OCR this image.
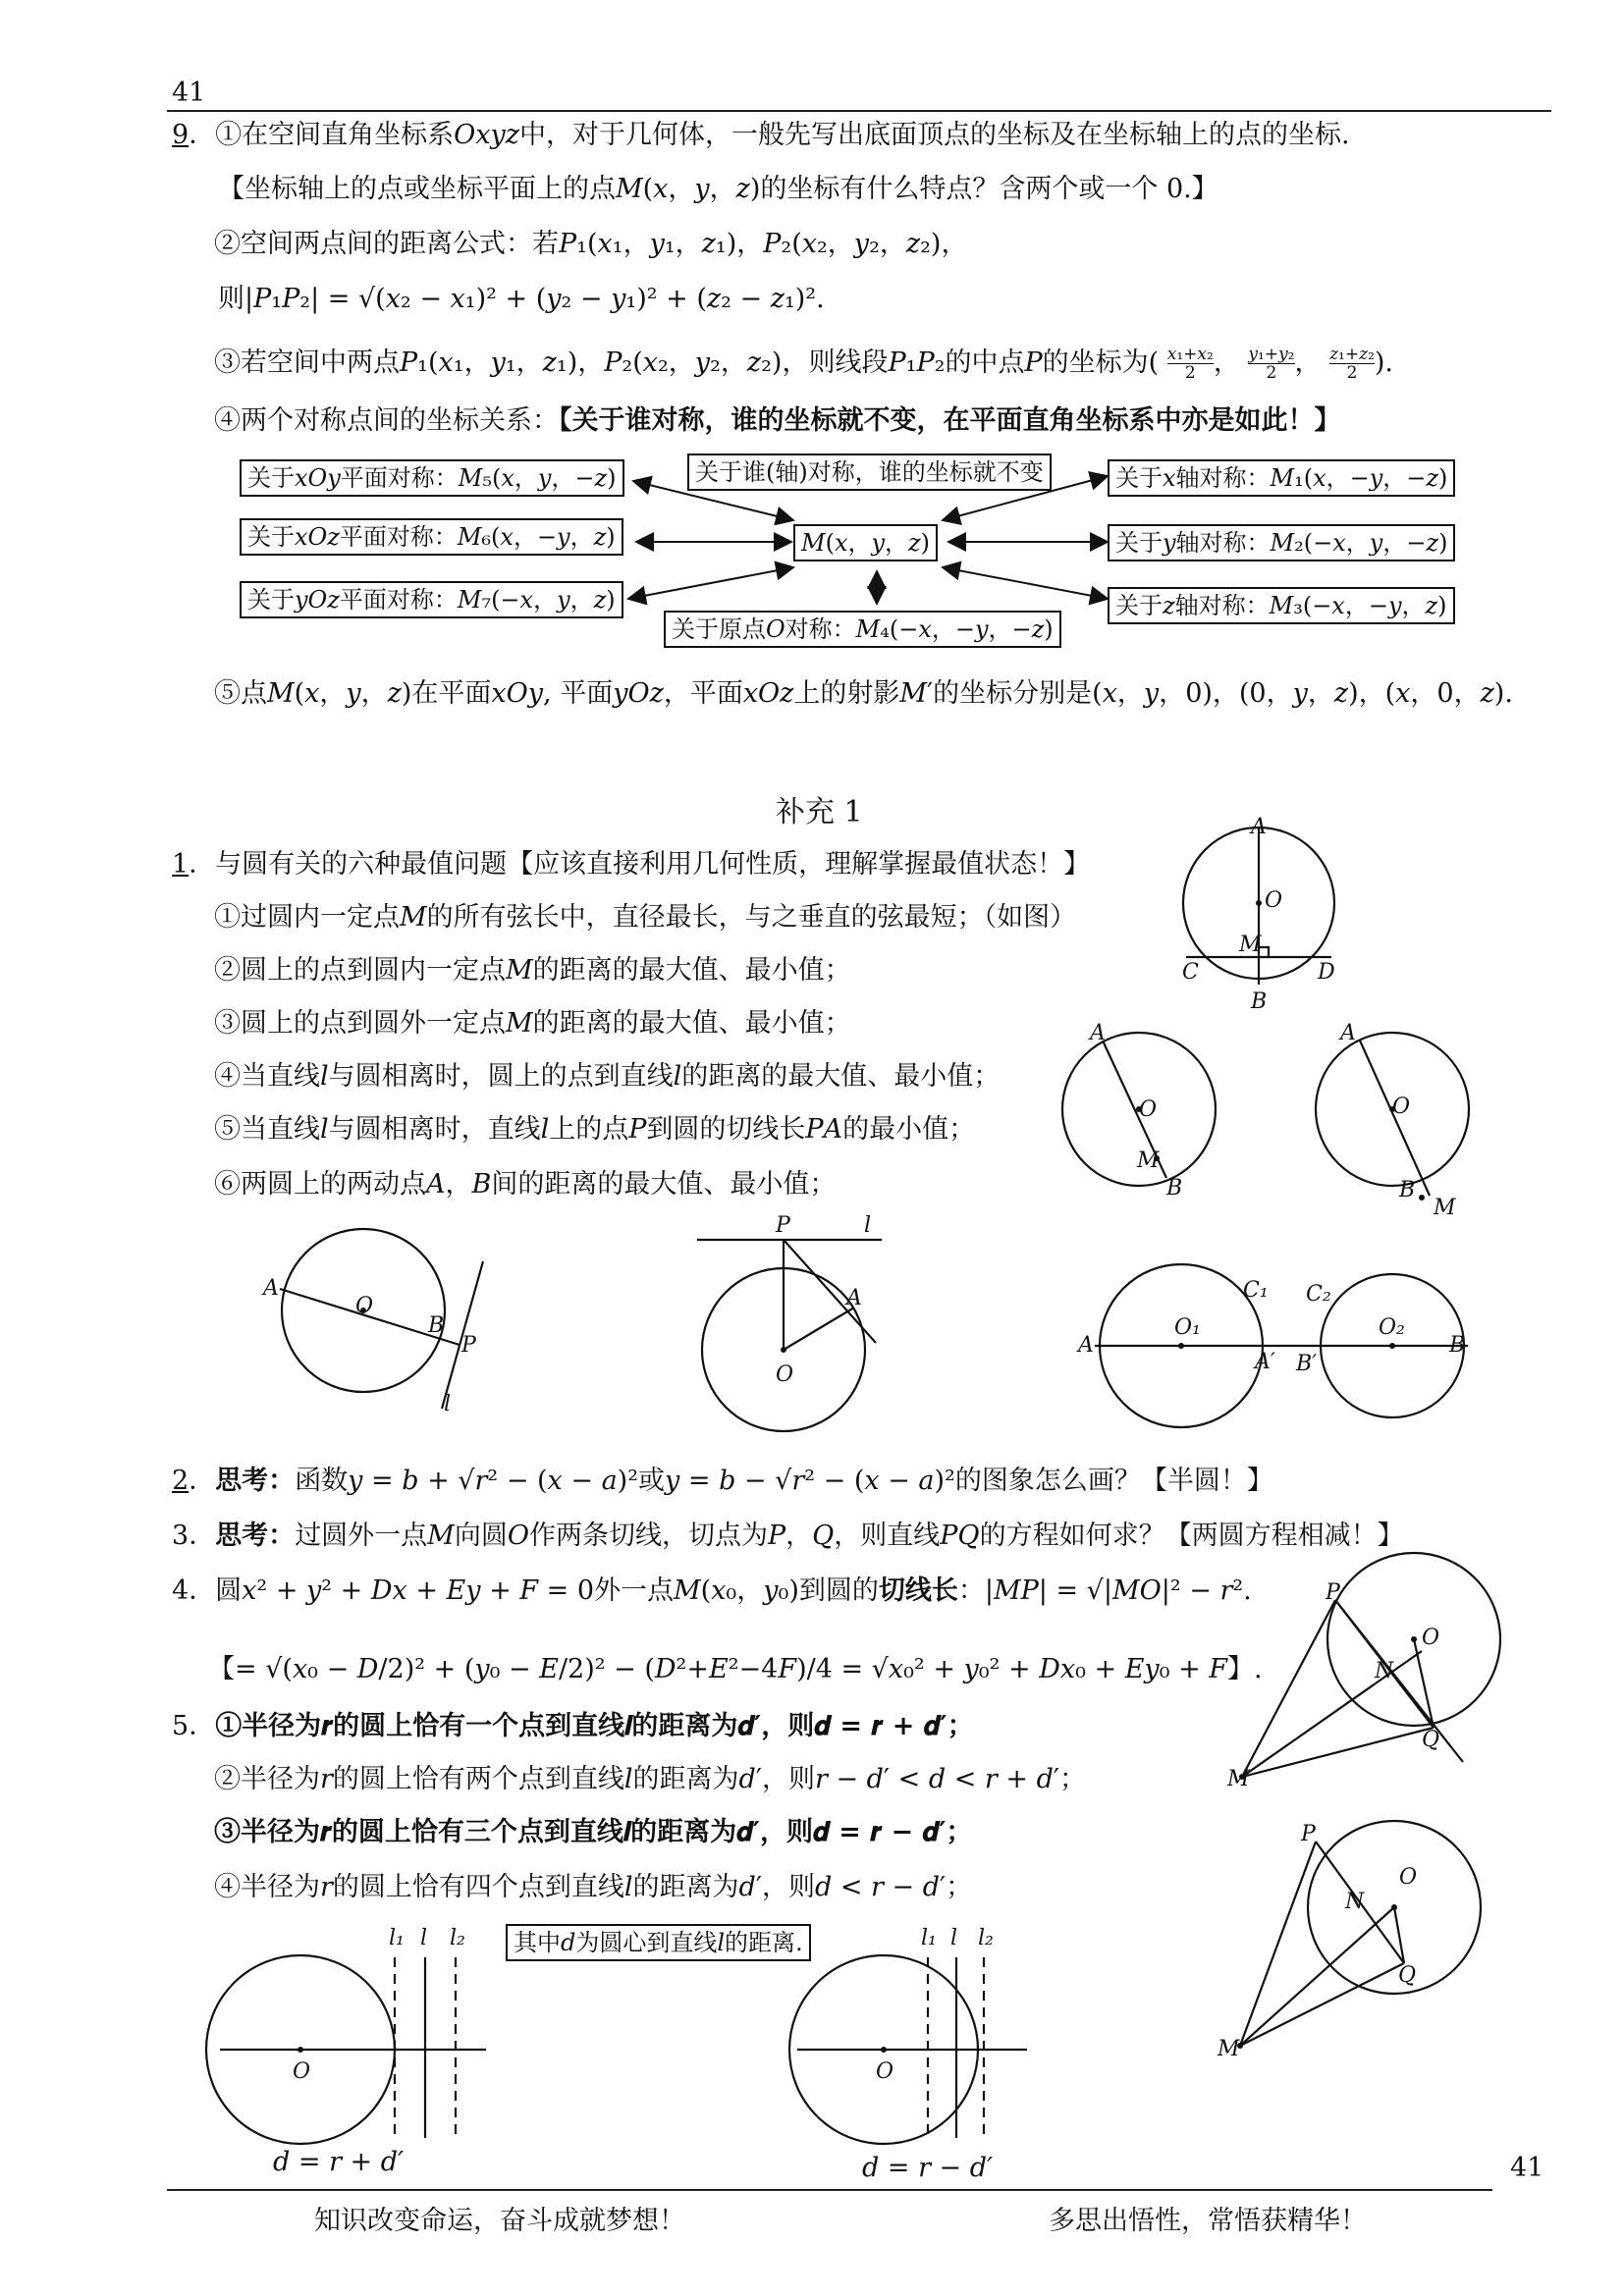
41
9．①在空间直角坐标系𝑂𝑥𝑦𝑧中，对于几何体，一般先写出底面顶点的坐标及在坐标轴上的点的坐标.
【坐标轴上的点或坐标平面上的点𝑀(𝑥，𝑦，𝑧)的坐标有什么特点？含两个或一个 0.】
②空间两点间的距离公式：若𝑃₁(𝑥₁，𝑦₁，𝑧₁)，𝑃₂(𝑥₂，𝑦₂，𝑧₂)，
则|𝑃₁𝑃₂| = √(𝑥₂ − 𝑥₁)² + (𝑦₂ − 𝑦₁)² + (𝑧₂ − 𝑧₁)².
③若空间中两点𝑃₁(𝑥₁，𝑦₁，𝑧₁)，𝑃₂(𝑥₂，𝑦₂，𝑧₂)，则线段𝑃₁𝑃₂的中点𝑃的坐标为( 𝑥₁+𝑥₂
2 ， 𝑦₁+𝑦₂
2 ， 𝑧₁+𝑧₂
2 ).
④两个对称点间的坐标关系：【关于谁对称，谁的坐标就不变，在平面直角坐标系中亦是如此！】
关于𝑥𝑂𝑦平面对称：𝑀₅(𝑥，𝑦，−𝑧)
关于𝑥𝑂𝑧平面对称：𝑀₆(𝑥，−𝑦，𝑧)
关于𝑦𝑂𝑧平面对称：𝑀₇(−𝑥，𝑦，𝑧)
关于谁(轴)对称，谁的坐标就不变
𝑀(𝑥，𝑦，𝑧)
关于原点𝑂对称：𝑀₄(−𝑥，−𝑦，−𝑧)
关于𝑥轴对称：𝑀₁(𝑥，−𝑦，−𝑧)
关于𝑦轴对称：𝑀₂(−𝑥，𝑦，−𝑧)
关于𝑧轴对称：𝑀₃(−𝑥，−𝑦，𝑧)
⑤点𝑀(𝑥，𝑦，𝑧)在平面𝑥𝑂𝑦, 平面𝑦𝑂𝑧，平面𝑥𝑂𝑧上的射影𝑀′的坐标分别是(𝑥，𝑦，0)，(0，𝑦，𝑧)，(𝑥，0，𝑧).
补充 1
1．与圆有关的六种最值问题【应该直接利用几何性质，理解掌握最值状态！】
①过圆内一定点𝑀的所有弦长中，直径最长，与之垂直的弦最短；（如图）
②圆上的点到圆内一定点𝑀的距离的最大值、最小值；
③圆上的点到圆外一定点𝑀的距离的最大值、最小值；
④当直线𝑙与圆相离时，圆上的点到直线𝑙的距离的最大值、最小值；
⑤当直线𝑙与圆相离时，直线𝑙上的点𝑃到圆的切线长𝑃𝐴的最小值；
⑥两圆上的两动点𝐴，𝐵间的距离的最大值、最小值；
𝐴
𝑂
𝑀
𝐶	𝐷
𝐵
𝐴
𝑂
𝑀
𝐵
𝐴
𝑂
𝐵
𝑀
𝐴
𝑂
𝐵
𝑃
𝑙
𝑃	𝑙
𝐴
𝑂
𝐶₁ 𝐶₂
𝑂₁	𝑂₂
𝐴
𝐴′ 𝐵′
𝐵
2．思考：函数𝑦 = 𝑏 + √𝑟² − (𝑥 − 𝑎)²或𝑦 = 𝑏 − √𝑟² − (𝑥 − 𝑎)²的图象怎么画？【半圆！】
3．思考：过圆外一点𝑀向圆𝑂作两条切线，切点为𝑃，𝑄，则直线𝑃𝑄的方程如何求？【两圆方程相减！】
4．圆𝑥² + 𝑦² + 𝐷𝑥 + 𝐸𝑦 + 𝐹 = 0外一点𝑀(𝑥₀，𝑦₀)到圆的切线长：|𝑀𝑃| = √|𝑀𝑂|² − 𝑟².
【= √(𝑥₀ − 𝐷/2)² + (𝑦₀ − 𝐸/2)² − (𝐷²+𝐸²−4𝐹)/4 = √𝑥₀² + 𝑦₀² + 𝐷𝑥₀ + 𝐸𝑦₀ + 𝐹】.
5．①半径为𝒓的圆上恰有一个点到直线𝒍的距离为𝒅′，则𝒅 = 𝒓 + 𝒅′；
②半径为𝑟的圆上恰有两个点到直线𝑙的距离为𝑑′，则𝑟 − 𝑑′ < 𝑑 < 𝑟 + 𝑑′；
③半径为𝒓的圆上恰有三个点到直线𝒍的距离为𝒅′，则𝒅 = 𝒓 − 𝒅′；
④半径为𝑟的圆上恰有四个点到直线𝑙的距离为𝑑′，则𝑑 < 𝑟 − 𝑑′；
其中𝑑为圆心到直线𝑙的距离.
𝑃
𝑂
𝑁
𝑄
𝑀
𝑃
𝑂
𝑁
𝑄
𝑀
𝑙₁ 𝑙 𝑙₂
𝑂
𝑑 = 𝑟 + 𝑑′
𝑙₁ 𝑙 𝑙₂
𝑂
𝑑 = 𝑟 − 𝑑′	41
知识改变命运，奋斗成就梦想！	多思出悟性，常悟获精华！
